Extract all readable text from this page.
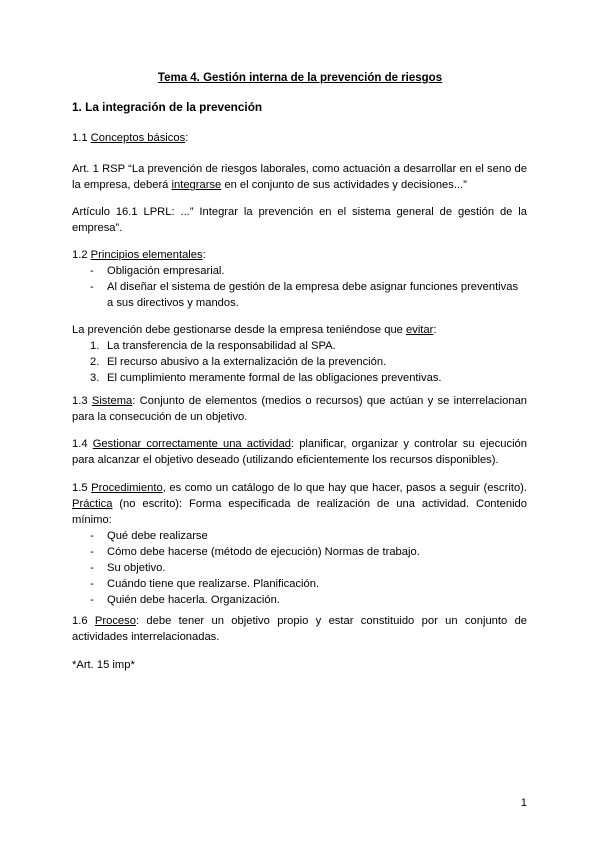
Tema 4. Gestión interna de la prevención de riesgos
1. La integración de la prevención
1.1 Conceptos básicos:
Art. 1 RSP “La prevención de riesgos laborales, como actuación a desarrollar en el seno de la empresa, deberá integrarse en el conjunto de sus actividades y decisiones...”
Artículo 16.1 LPRL: ...” Integrar la prevención en el sistema general de gestión de la empresa”.
1.2 Principios elementales:
- Obligación empresarial.
- Al diseñar el sistema de gestión de la empresa debe asignar funciones preventivas a sus directivos y mandos.
La prevención debe gestionarse desde la empresa teniéndose que evitar:
1. La transferencia de la responsabilidad al SPA.
2. El recurso abusivo a la externalización de la prevención.
3. El cumplimiento meramente formal de las obligaciones preventivas.
1.3 Sistema: Conjunto de elementos (medios o recursos) que actúan y se interrelacionan para la consecución de un objetivo.
1.4 Gestionar correctamente una actividad: planificar, organizar y controlar su ejecución para alcanzar el objetivo deseado (utilizando eficientemente los recursos disponibles).
1.5 Procedimiento, es como un catálogo de lo que hay que hacer, pasos a seguir (escrito). Práctica (no escrito): Forma especificada de realización de una actividad. Contenido mínimo:
- Qué debe realizarse
- Cómo debe hacerse (método de ejecución) Normas de trabajo.
- Su objetivo.
- Cuándo tiene que realizarse. Planificación.
- Quién debe hacerla. Organización.
1.6 Proceso: debe tener un objetivo propio y estar constituido por un conjunto de actividades interrelacionadas.
*Art. 15 imp*
1
